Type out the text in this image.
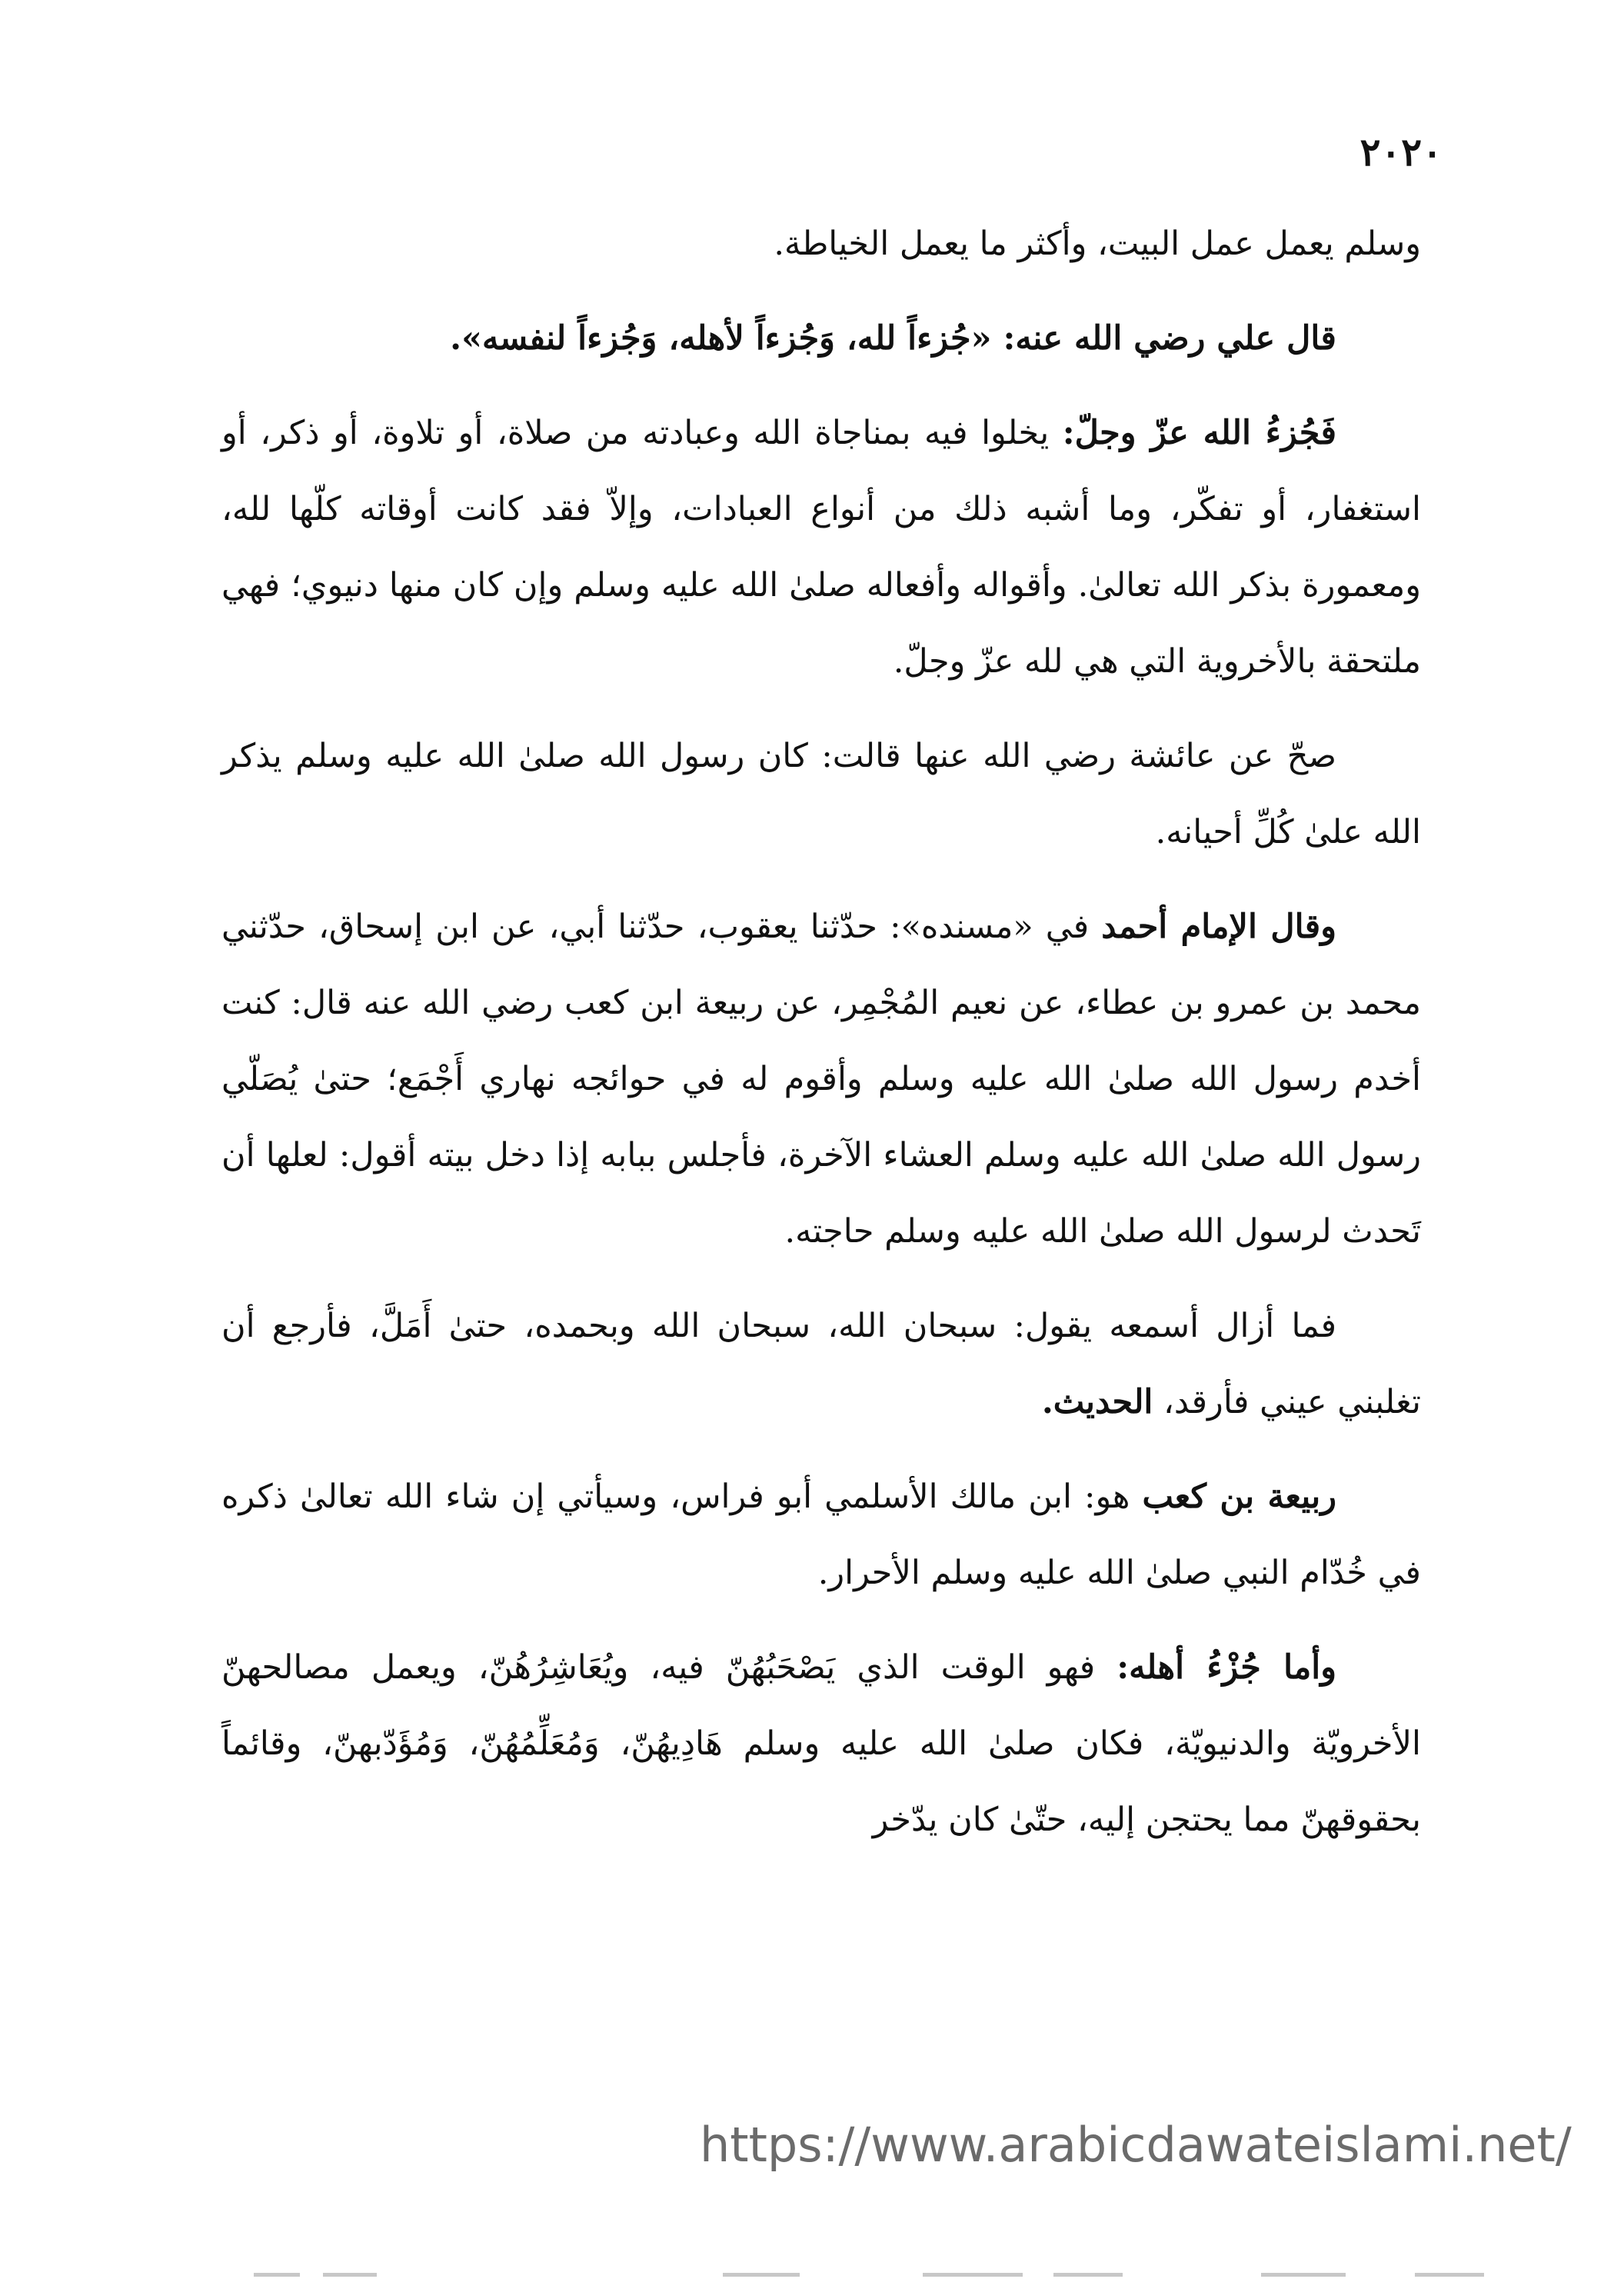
٢٠٢٠

وسلم يعمل عمل البيت، وأكثر ما يعمل الخياطة.

قال علي رضي الله عنه: «جُزءاً لله، وَجُزءاً لأهله، وَجُزءاً لنفسه».

فَجُزءُ الله عزّ وجلّ: يخلوا فيه بمناجاة الله وعبادته من صلاة، أو تلاوة، أو ذكر، أو استغفار، أو تفكّر، وما أشبه ذلك من أنواع العبادات، وإلاّ فقد كانت أوقاته كلّها لله، ومعمورة بذكر الله تعالىٰ. وأقواله وأفعاله صلىٰ الله عليه وسلم وإن كان منها دنيوي؛ فهي ملتحقة بالأخروية التي هي لله عزّ وجلّ.

صحّ عن عائشة رضي الله عنها قالت: كان رسول الله صلىٰ الله عليه وسلم يذكر الله علىٰ كُلِّ أحيانه.

وقال الإمام أحمد في «مسنده»: حدّثنا يعقوب، حدّثنا أبي، عن ابن إسحاق، حدّثني محمد بن عمرو بن عطاء، عن نعيم المُجْمِر، عن ربيعة ابن كعب رضي الله عنه قال: كنت أخدم رسول الله صلىٰ الله عليه وسلم وأقوم له في حوائجه نهاري أَجْمَع؛ حتىٰ يُصَلّي رسول الله صلىٰ الله عليه وسلم العشاء الآخرة، فأجلس ببابه إذا دخل بيته أقول: لعلها أن تَحدث لرسول الله صلىٰ الله عليه وسلم حاجته.

فما أزال أسمعه يقول: سبحان الله، سبحان الله وبحمده، حتىٰ أَمَلَّ، فأرجع أن تغلبني عيني فأرقد، الحديث.

ربيعة بن كعب هو: ابن مالك الأسلمي أبو فراس، وسيأتي إن شاء الله تعالىٰ ذكره في خُدّام النبي صلىٰ الله عليه وسلم الأحرار.

وأما جُزْءُ أهله: فهو الوقت الذي يَصْحَبُهُنّ فيه، ويُعَاشِرُهُنّ، ويعمل مصالحهنّ الأخرويّة والدنيويّة، فكان صلىٰ الله عليه وسلم هَادِيهُنّ، وَمُعَلِّمُهُنّ، وَمُؤَدّبهنّ، وقائماً بحقوقهنّ مما يحتجن إليه، حتّىٰ كان يدّخر

https://www.arabicdawateislami.net/
